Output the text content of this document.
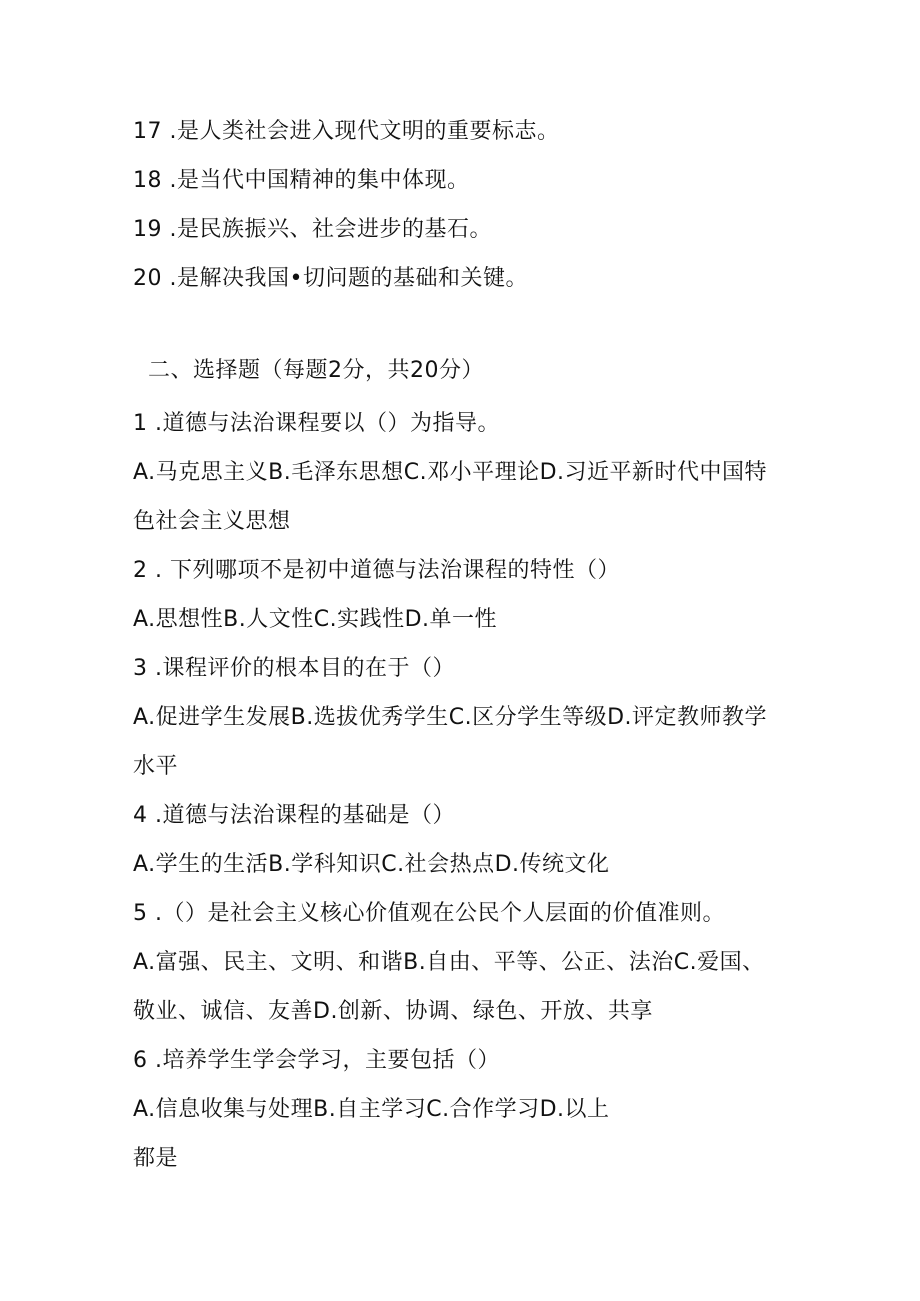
17 .是人类社会进入现代文明的重要标志。
18 .是当代中国精神的集中体现。
19 .是民族振兴、社会进步的基石。
20 .是解决我国•切问题的基础和关键。
二、选择题（每题2分，共20分）
1 .道德与法治课程要以（）为指导。
A.马克思主义B.毛泽东思想C.邓小平理论D.习近平新时代中国特
色社会主义思想
2 . 下列哪项不是初中道德与法治课程的特性（）
A.思想性B.人文性C.实践性D.单一性
3 .课程评价的根本目的在于（）
A.促进学生发展B.选拔优秀学生C.区分学生等级D.评定教师教学
水平
4 .道德与法治课程的基础是（）
A.学生的生活B.学科知识C.社会热点D.传统文化
5 .（）是社会主义核心价值观在公民个人层面的价值准则。
A.富强、民主、文明、和谐B.自由、平等、公正、法治C.爱国、
敬业、诚信、友善D.创新、协调、绿色、开放、共享
6 .培养学生学会学习，主要包括（）
A.信息收集与处理B.自主学习C.合作学习D.以上
都是
